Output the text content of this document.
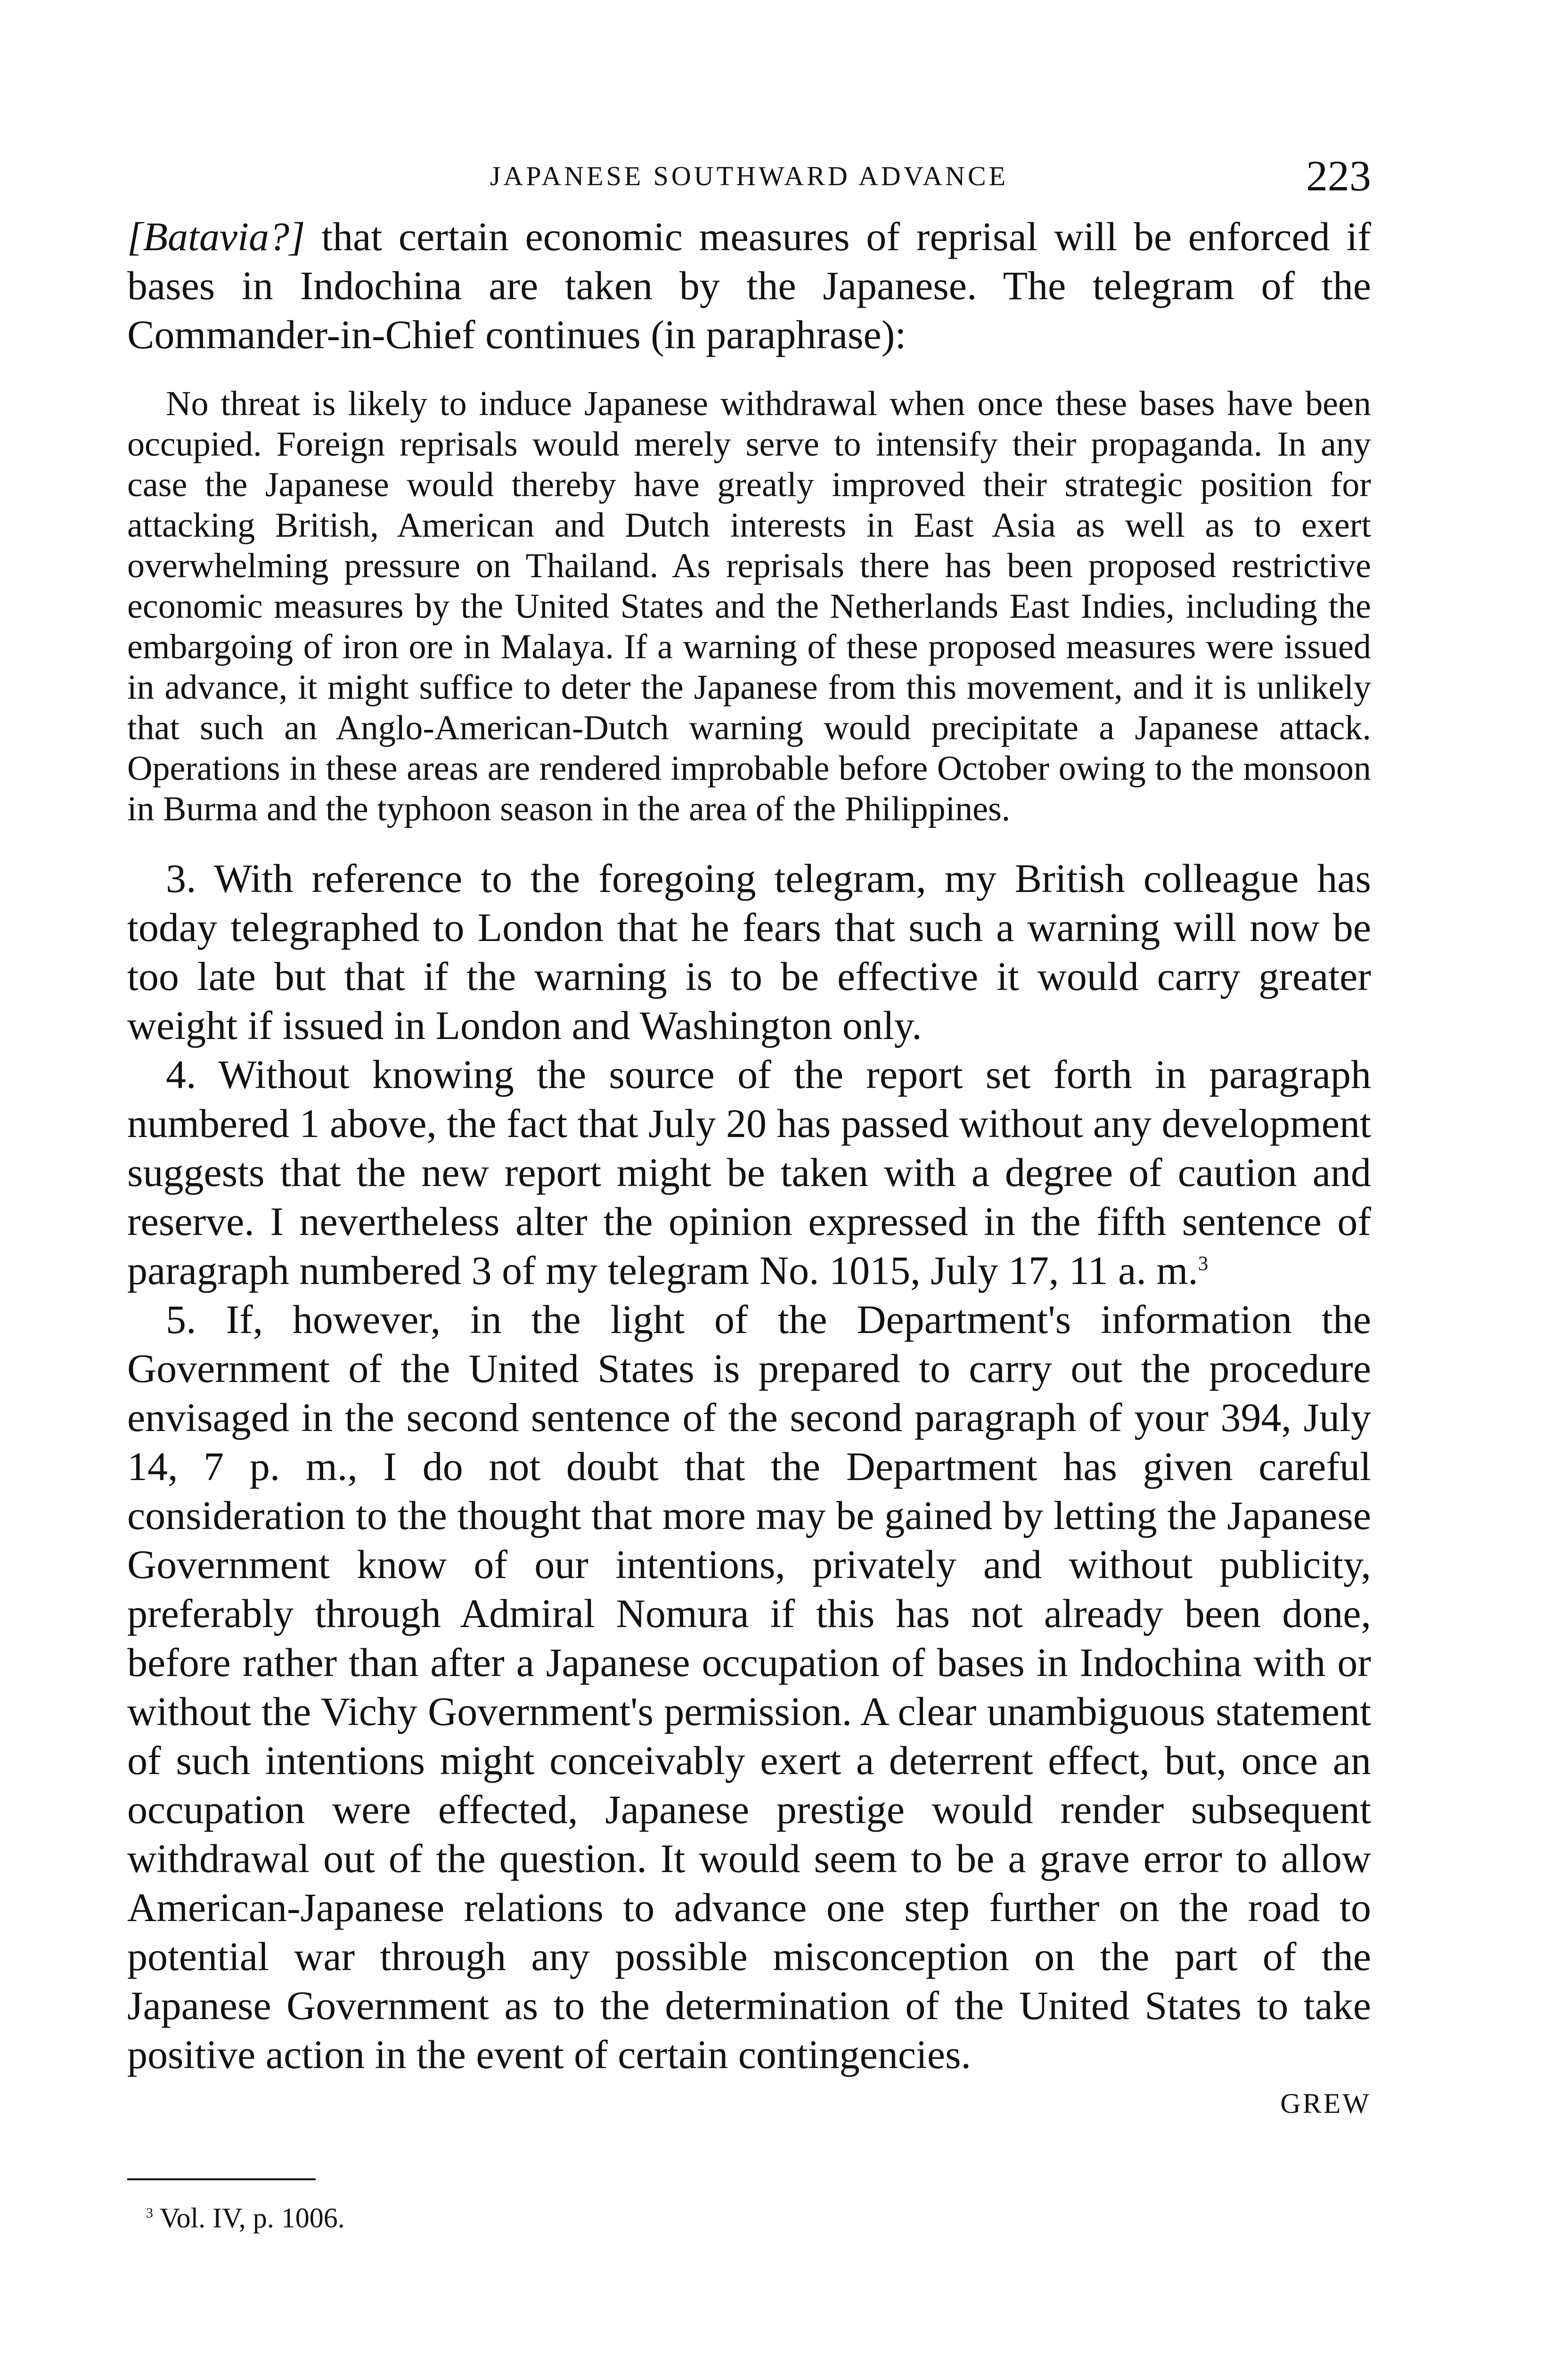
JAPANESE SOUTHWARD ADVANCE	223

[Batavia?] that certain economic measures of reprisal will be enforced if bases in Indochina are taken by the Japanese. The telegram of the Commander-in-Chief continues (in paraphrase):

No threat is likely to induce Japanese withdrawal when once these bases have been occupied. Foreign reprisals would merely serve to intensify their propaganda. In any case the Japanese would thereby have greatly improved their strategic position for attacking British, American and Dutch interests in East Asia as well as to exert overwhelming pressure on Thailand. As reprisals there has been proposed restrictive economic measures by the United States and the Netherlands East Indies, including the embargoing of iron ore in Malaya. If a warning of these proposed measures were issued in advance, it might suffice to deter the Japanese from this movement, and it is unlikely that such an Anglo-American-Dutch warning would precipitate a Japanese attack. Operations in these areas are rendered improbable before October owing to the monsoon in Burma and the typhoon season in the area of the Philippines.

3. With reference to the foregoing telegram, my British colleague has today telegraphed to London that he fears that such a warning will now be too late but that if the warning is to be effective it would carry greater weight if issued in London and Washington only.

4. Without knowing the source of the report set forth in paragraph numbered 1 above, the fact that July 20 has passed without any development suggests that the new report might be taken with a degree of caution and reserve. I nevertheless alter the opinion expressed in the fifth sentence of paragraph numbered 3 of my telegram No. 1015, July 17, 11 a. m.$^3$

5. If, however, in the light of the Department's information the Government of the United States is prepared to carry out the procedure envisaged in the second sentence of the second paragraph of your 394, July 14, 7 p. m., I do not doubt that the Department has given careful consideration to the thought that more may be gained by letting the Japanese Government know of our intentions, privately and without publicity, preferably through Admiral Nomura if this has not already been done, before rather than after a Japanese occupation of bases in Indochina with or without the Vichy Government's permission. A clear unambiguous statement of such intentions might conceivably exert a deterrent effect, but, once an occupation were effected, Japanese prestige would render subsequent withdrawal out of the question. It would seem to be a grave error to allow American-Japanese relations to advance one step further on the road to potential war through any possible misconception on the part of the Japanese Government as to the determination of the United States to take positive action in the event of certain contingencies.

GREW
$^3$ Vol. IV, p. 1006.
